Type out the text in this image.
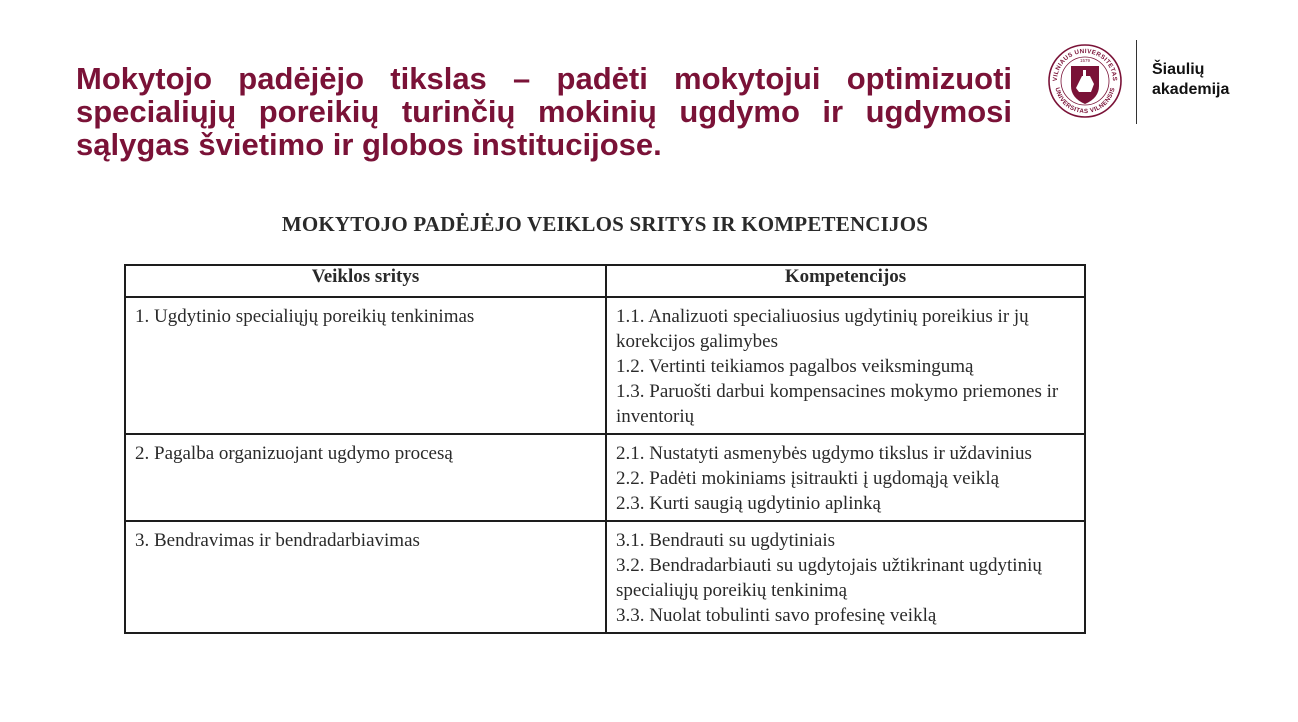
Mokytojo padėjėjo tikslas – padėti mokytojui optimizuoti specialiųjų poreikių turinčių mokinių ugdymo ir ugdymosi sąlygas švietimo ir globos institucijose.
VILNIAUS UNIVERSITETAS
UNIVERSITAS VILNENSIS
1579
Šiaulių
akademija
MOKYTOJO PADĖJĖJO VEIKLOS SRITYS IR KOMPETENCIJOS
Veiklos sritys	Kompetencijos
1. Ugdytinio specialiųjų poreikių tenkinimas	1.1. Analizuoti specialiuosius ugdytinių poreikius ir jų korekcijos galimybes
1.2. Vertinti teikiamos pagalbos veiksmingumą
1.3. Paruošti darbui kompensacines mokymo priemones ir inventorių

2. Pagalba organizuojant ugdymo procesą	2.1. Nustatyti asmenybės ugdymo tikslus ir uždavinius
2.2. Padėti mokiniams įsitraukti į ugdomąją veiklą
2.3. Kurti saugią ugdytinio aplinką

3. Bendravimas ir bendradarbiavimas	3.1. Bendrauti su ugdytiniais
3.2. Bendradarbiauti su ugdytojais užtikrinant ugdytinių specialiųjų poreikių tenkinimą
3.3. Nuolat tobulinti savo profesinę veiklą
